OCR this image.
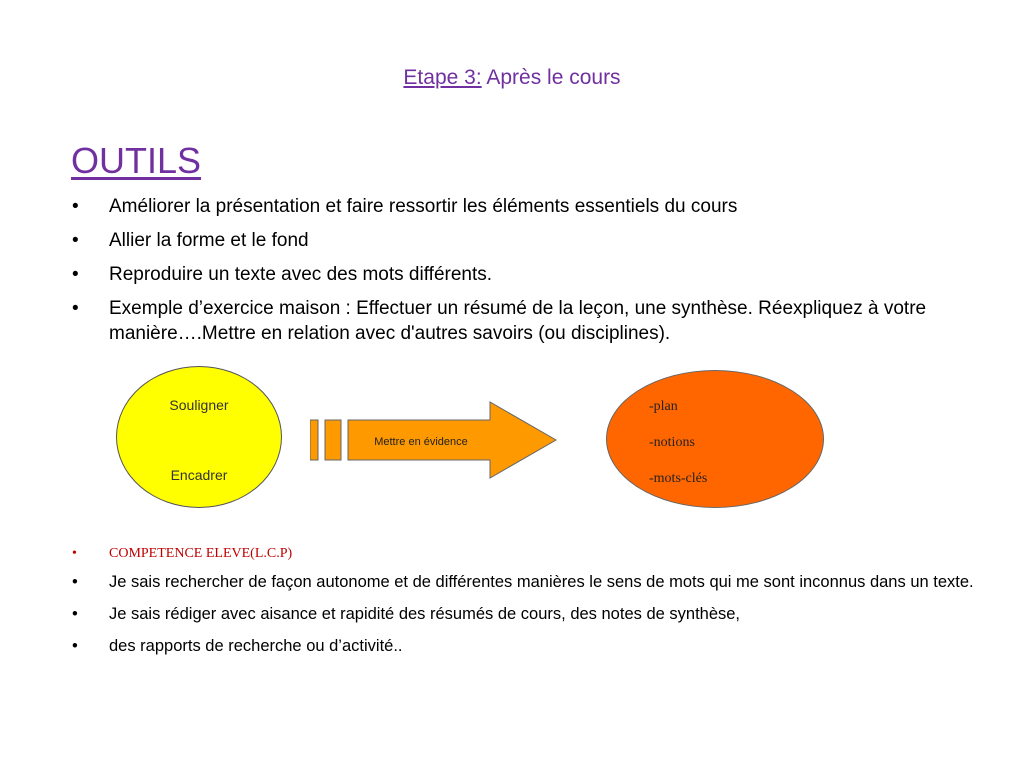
Etape 3: Après le cours
OUTILS
• Améliorer la présentation et faire ressortir les éléments essentiels du cours
• Allier la forme et le fond
• Reproduire un texte avec des mots différents.
• Exemple d’exercice maison : Effectuer un résumé de la leçon, une synthèse. Réexpliquez à votre manière….Mettre en relation avec d'autres savoirs (ou disciplines).
Souligner
Encadrer
Mettre en évidence
-plan
-notions
-mots-clés
• COMPETENCE ELEVE(L.C.P)
• Je sais rechercher de façon autonome et de différentes manières le sens de mots qui me sont inconnus dans un texte.
• Je sais rédiger avec aisance et rapidité des résumés de cours, des notes de synthèse,
• des rapports de recherche ou d’activité..
